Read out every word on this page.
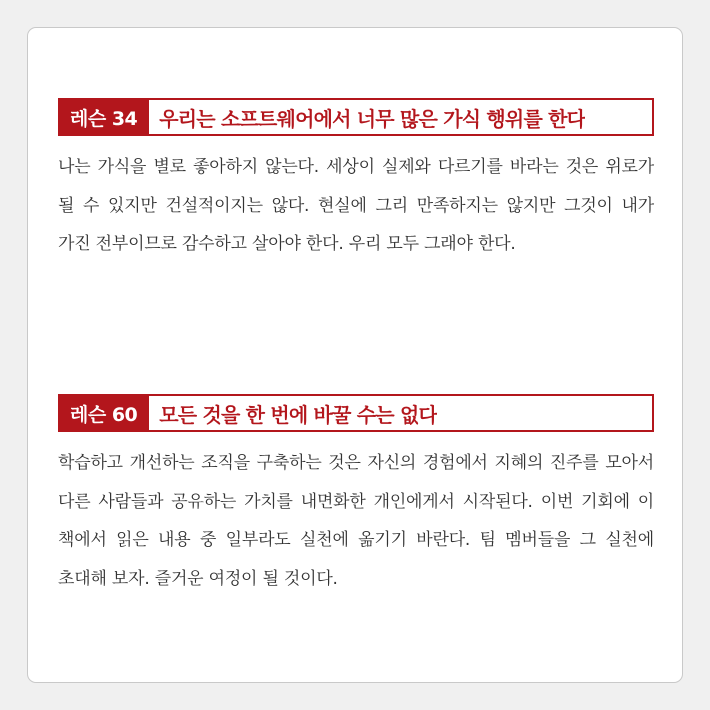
레슨 34	우리는 소프트웨어에서 너무 많은 가식 행위를 한다

나는 가식을 별로 좋아하지 않는다. 세상이 실제와 다르기를 바라는 것은 위로가 될 수 있지만 건설적이지는 않다. 현실에 그리 만족하지는 않지만 그것이 내가 가진 전부이므로 감수하고 살아야 한다. 우리 모두 그래야 한다.

레슨 60	모든 것을 한 번에 바꿀 수는 없다

학습하고 개선하는 조직을 구축하는 것은 자신의 경험에서 지혜의 진주를 모아서 다른 사람들과 공유하는 가치를 내면화한 개인에게서 시작된다. 이번 기회에 이 책에서 읽은 내용 중 일부라도 실천에 옮기기 바란다. 팀 멤버들을 그 실천에 초대해 보자. 즐거운 여정이 될 것이다.
